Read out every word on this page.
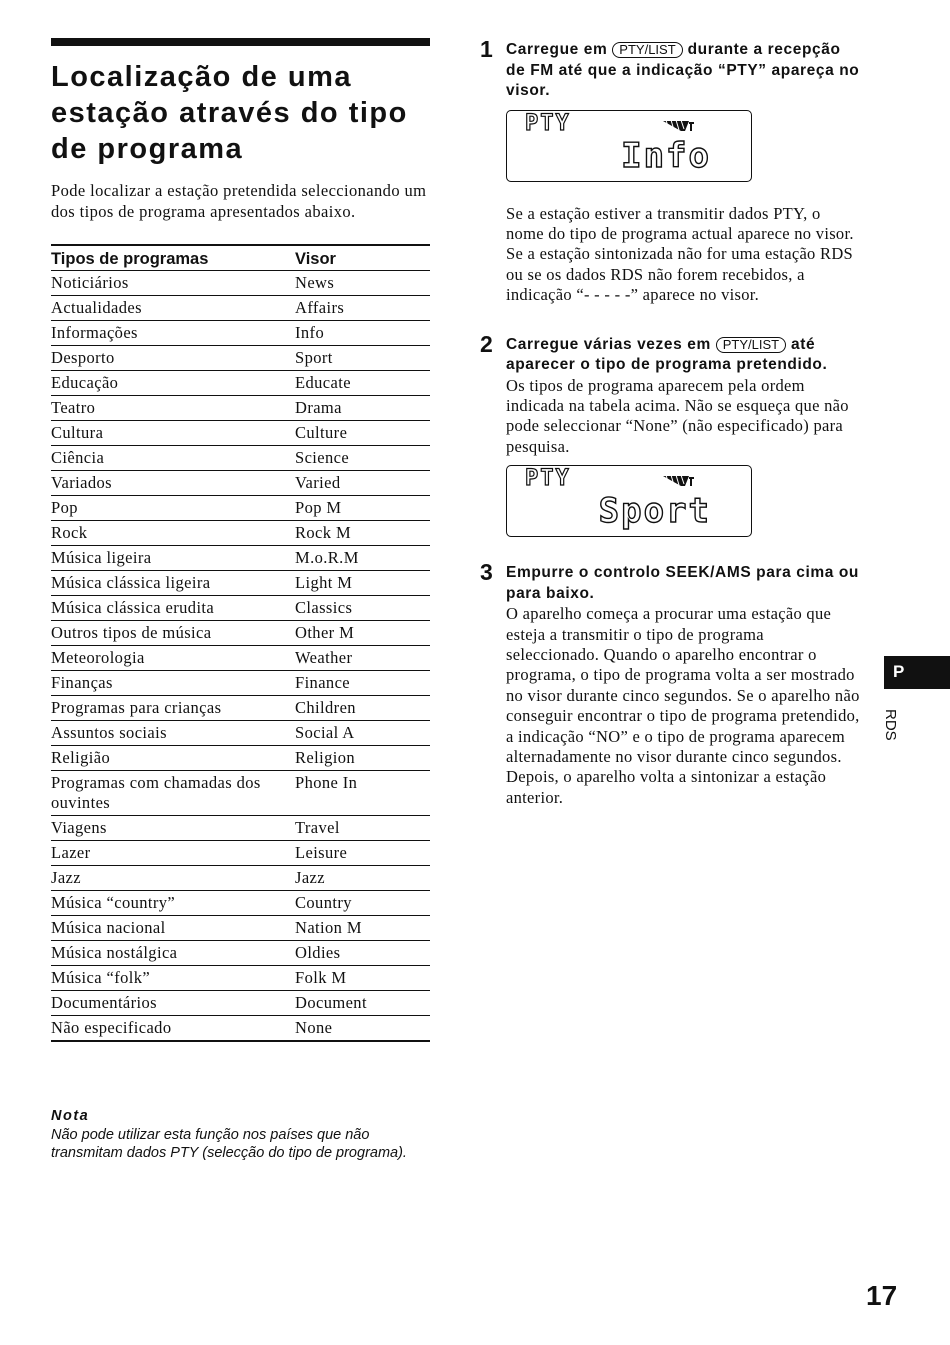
Localização de uma estação através do tipo de programa

Pode localizar a estação pretendida seleccionando um dos tipos de programa apresentados abaixo.

Tipos de programas	Visor
Noticiários	News
Actualidades	Affairs
Informações	Info
Desporto	Sport
Educação	Educate
Teatro	Drama
Cultura	Culture
Ciência	Science
Variados	Varied
Pop	Pop M
Rock	Rock M
Música ligeira	M.o.R.M
Música clássica ligeira	Light M
Música clássica erudita	Classics
Outros tipos de música	Other M
Meteorologia	Weather
Finanças	Finance
Programas para crianças	Children
Assuntos sociais	Social A
Religião	Religion
Programas com chamadas dos ouvintes	Phone In
Viagens	Travel
Lazer	Leisure
Jazz	Jazz
Música “country”	Country
Música nacional	Nation M
Música nostálgica	Oldies
Música “folk”	Folk M
Documentários	Document
Não especificado	None
Nota
Não pode utilizar esta função nos países que não transmitam dados PTY (selecção do tipo de programa).
1 Carregue em PTY/LIST durante a recepção de FM até que a indicação “PTY” apareça no visor.
PTY
Info

Se a estação estiver a transmitir dados PTY, o nome do tipo de programa actual aparece no visor. Se a estação sintonizada não for uma estação RDS ou se os dados RDS não forem recebidos, a indicação “- - - - -” aparece no visor.

2 Carregue várias vezes em PTY/LIST até aparecer o tipo de programa pretendido.

Os tipos de programa aparecem pela ordem indicada na tabela acima. Não se esqueça que não pode seleccionar “None” (não especificado) para pesquisa.

PTY
Sport
3 Empurre o controlo SEEK/AMS para cima ou para baixo.

O aparelho começa a procurar uma estação que esteja a transmitir o tipo de programa seleccionado. Quando o aparelho encontrar o programa, o tipo de programa volta a ser mostrado no visor durante cinco segundos. Se o aparelho não conseguir encontrar o tipo de programa pretendido, a indicação “NO” e o tipo de programa aparecem alternadamente no visor durante cinco segundos. Depois, o aparelho volta a sintonizar a estação anterior.

P
RDS
17
